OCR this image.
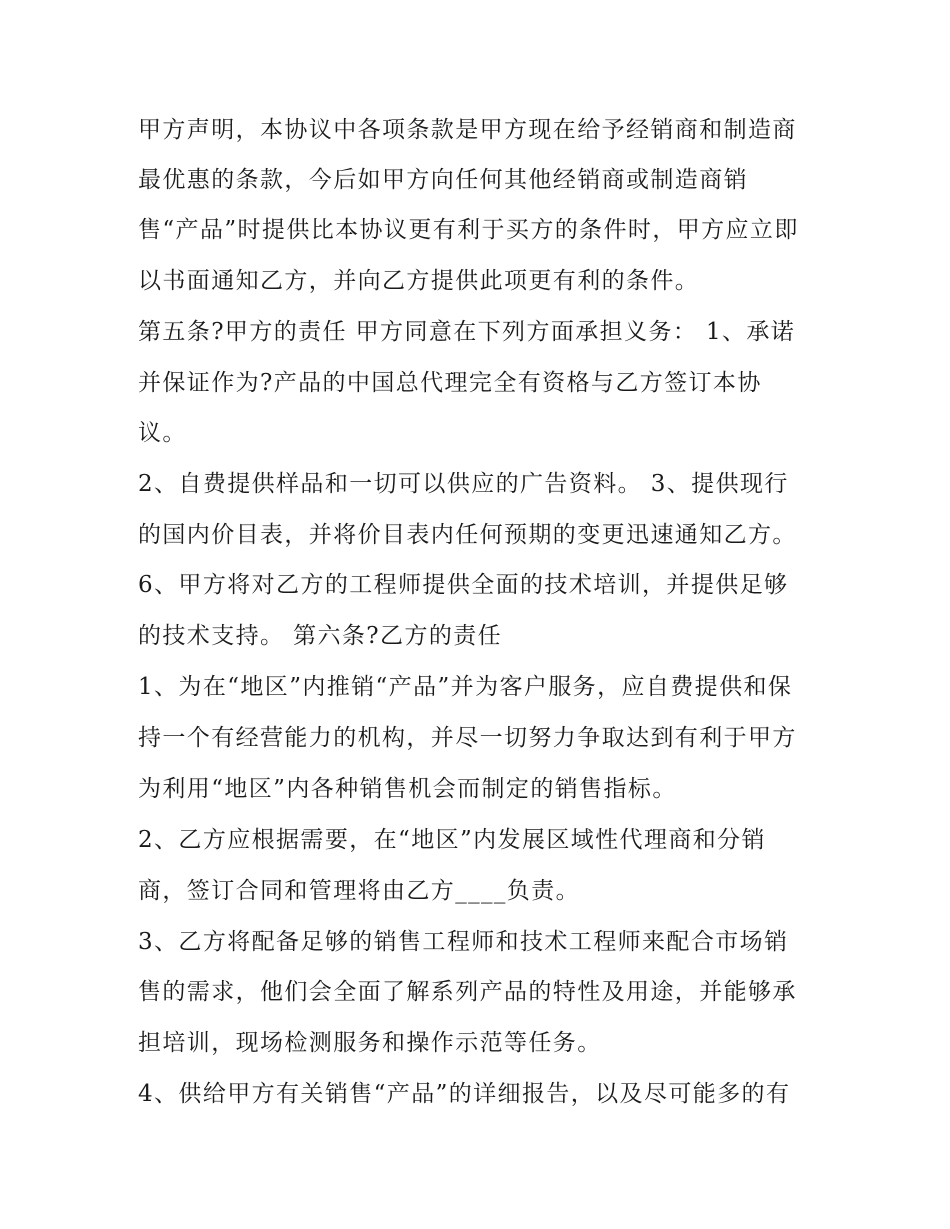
甲方声明，本协议中各项条款是甲方现在给予经销商和制造商
最优惠的条款，今后如甲方向任何其他经销商或制造商销
售“产品”时提供比本协议更有利于买方的条件时，甲方应立即
以书面通知乙方，并向乙方提供此项更有利的条件。
第五条?甲方的责任 甲方同意在下列方面承担义务： 1、承诺
并保证作为?产品的中国总代理完全有资格与乙方签订本协
议。
2、自费提供样品和一切可以供应的广告资料。 3、提供现行
的国内价目表，并将价目表内任何预期的变更迅速通知乙方。
6、甲方将对乙方的工程师提供全面的技术培训，并提供足够
的技术支持。 第六条?乙方的责任
1、为在“地区”内推销“产品”并为客户服务，应自费提供和保
持一个有经营能力的机构，并尽一切努力争取达到有利于甲方
为利用“地区”内各种销售机会而制定的销售指标。
2、乙方应根据需要，在“地区”内发展区域性代理商和分销
商，签订合同和管理将由乙方____负责。
3、乙方将配备足够的销售工程师和技术工程师来配合市场销
售的需求，他们会全面了解系列产品的特性及用途，并能够承
担培训，现场检测服务和操作示范等任务。
4、供给甲方有关销售“产品”的详细报告，以及尽可能多的有
